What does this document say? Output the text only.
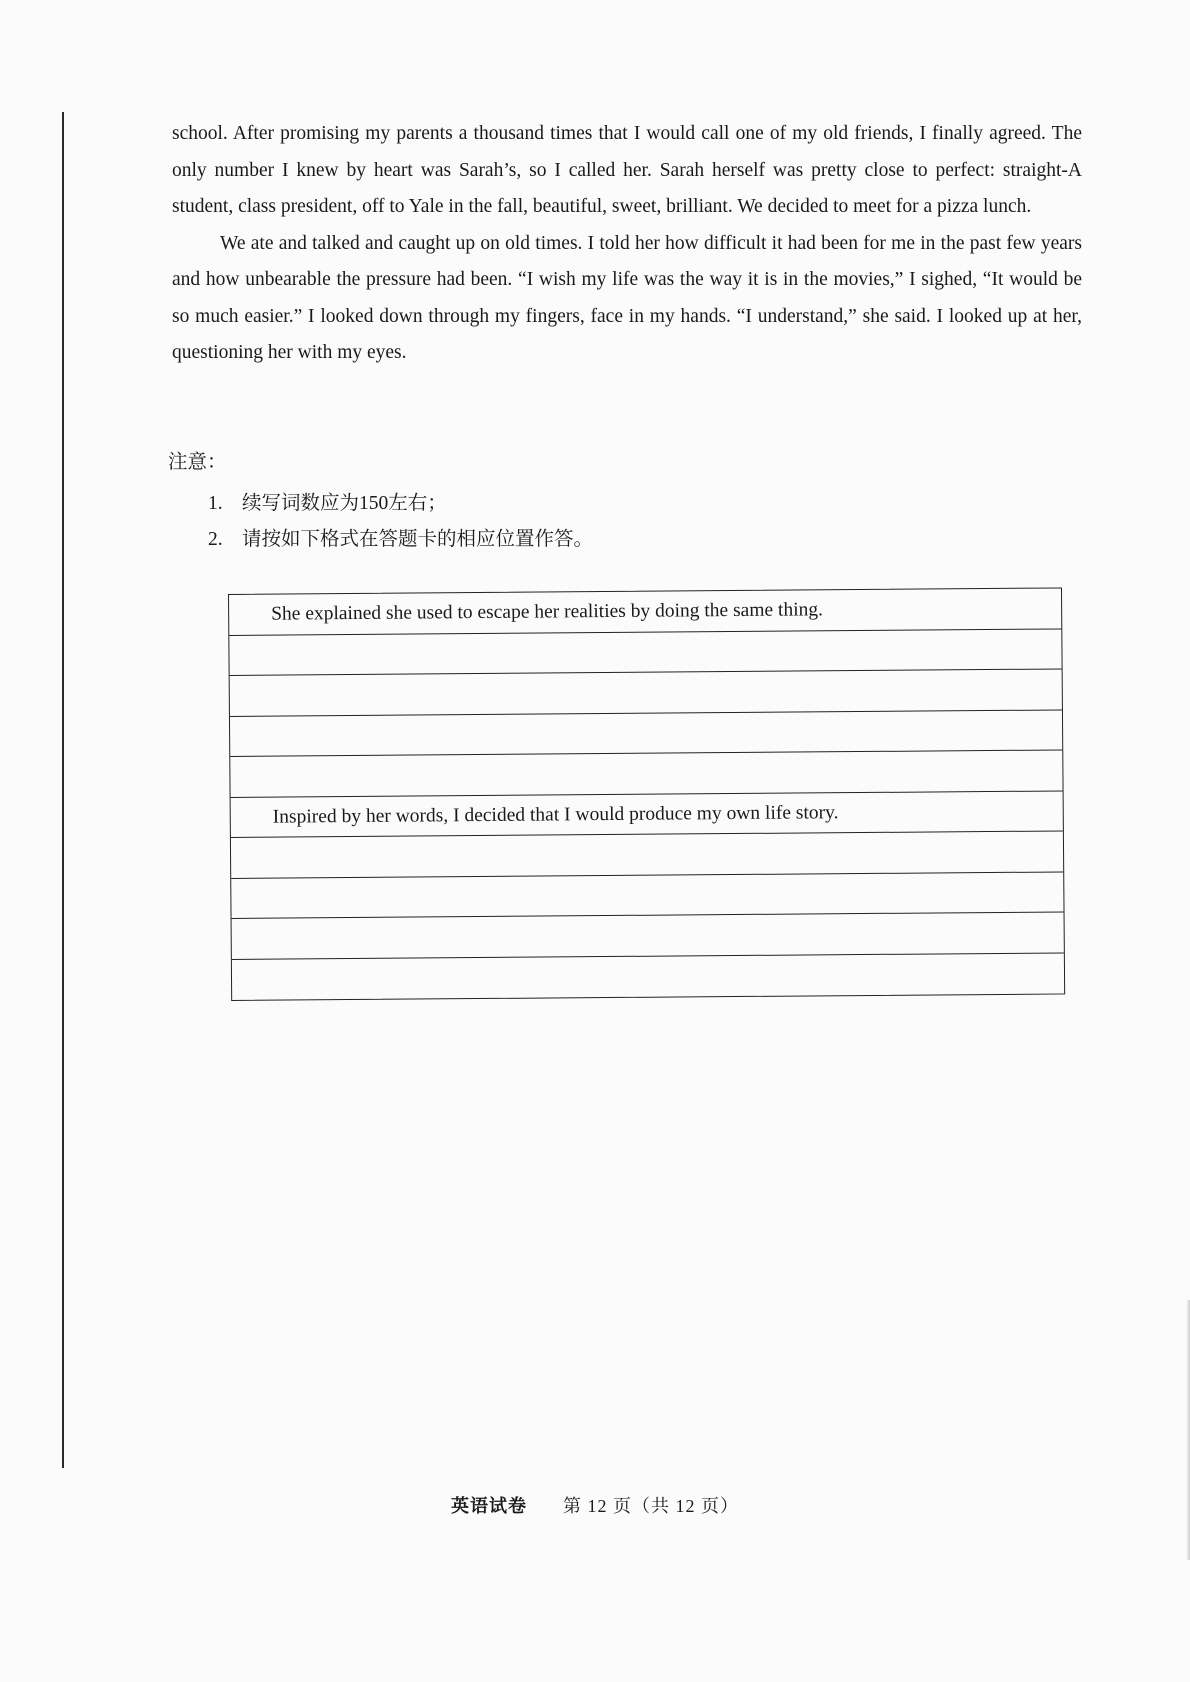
school. After promising my parents a thousand times that I would call one of my old friends, I finally agreed. The only number I knew by heart was Sarah’s, so I called her. Sarah herself was pretty close to perfect: straight-A student, class president, off to Yale in the fall, beautiful, sweet, brilliant. We decided to meet for a pizza lunch.

We ate and talked and caught up on old times. I told her how difficult it had been for me in the past few years and how unbearable the pressure had been. “I wish my life was the way it is in the movies,” I sighed, “It would be so much easier.” I looked down through my fingers, face in my hands. “I understand,” she said. I looked up at her, questioning her with my eyes.

注意：
1. 续写词数应为150左右；
2. 请按如下格式在答题卡的相应位置作答。
She explained she used to escape her realities by doing the same thing.
Inspired by her words, I decided that I would produce my own life story.
英语试卷 第 12 页（共 12 页）
